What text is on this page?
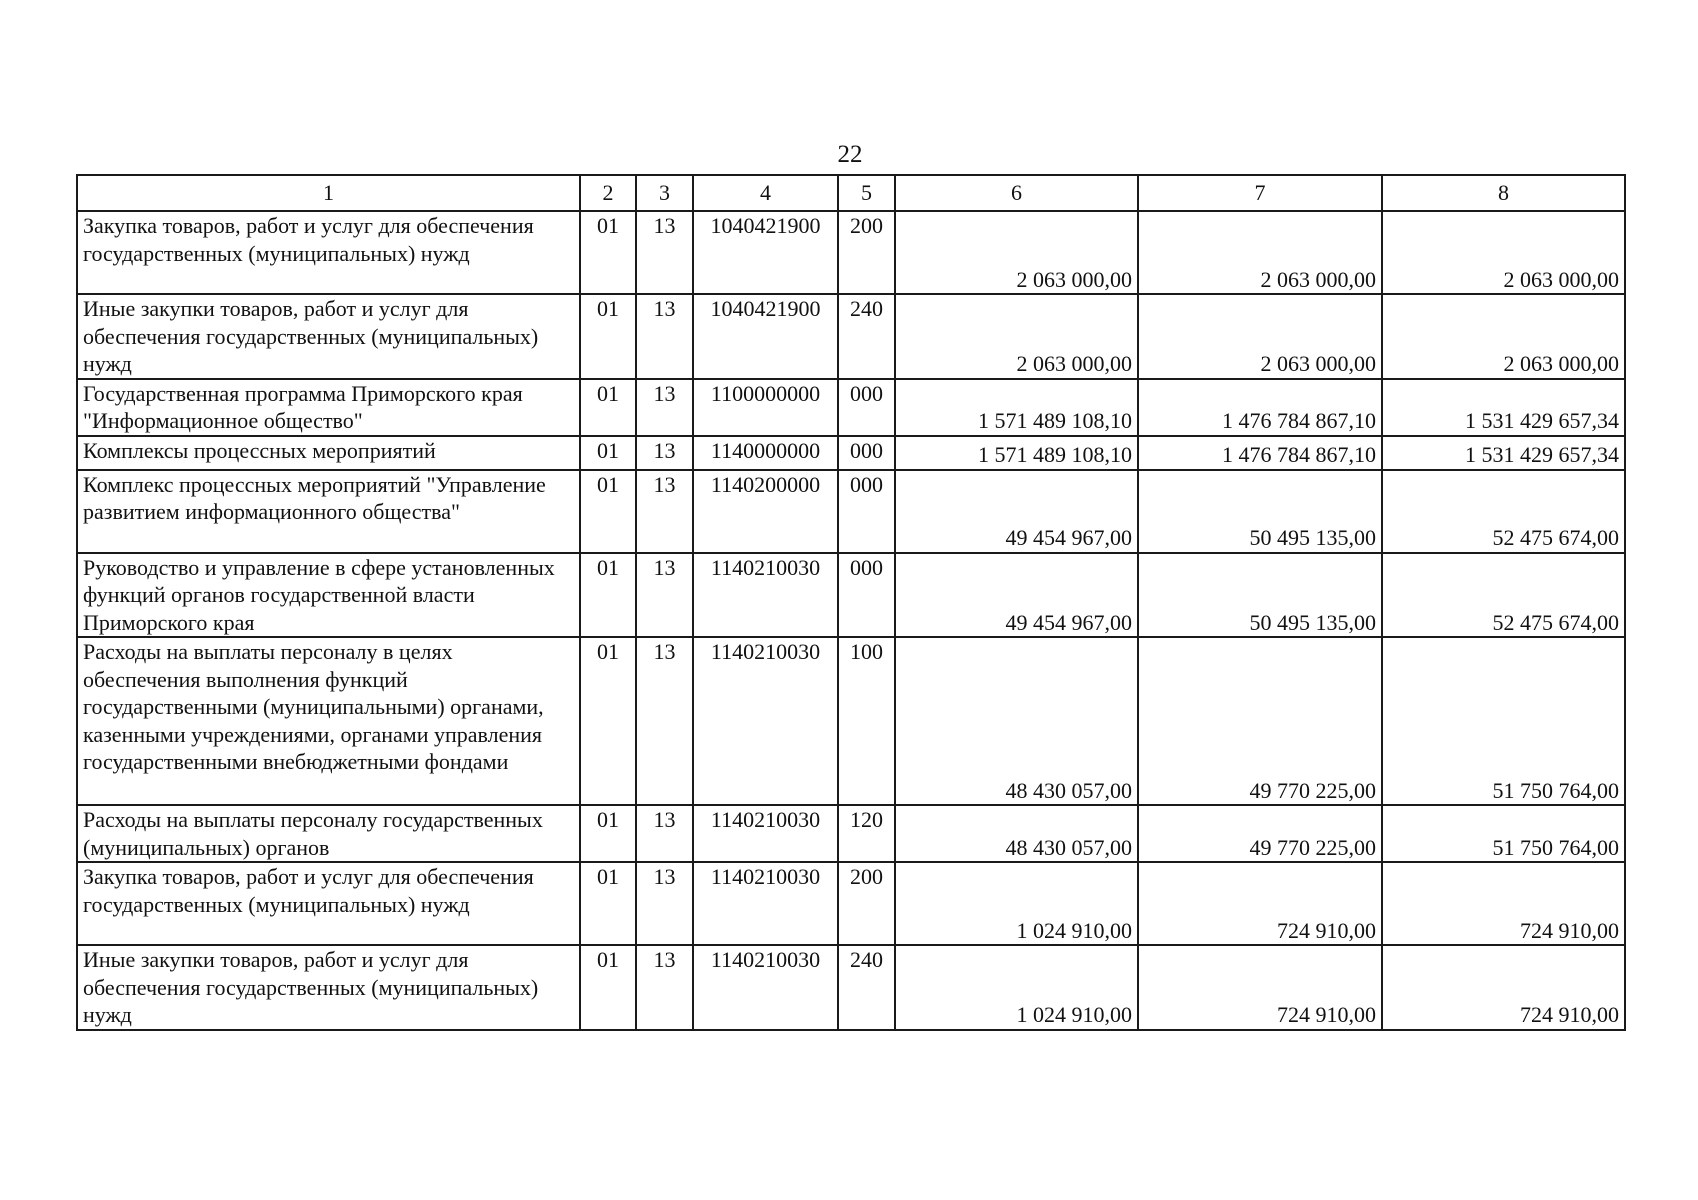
22
1	2	3	4	5	6	7	8
Закупка товаров, работ и услуг для обеспечения государственных (муниципальных) нужд	01	13	1040421900	200	2 063 000,00	2 063 000,00	2 063 000,00
Иные закупки товаров, работ и услуг для обеспечения государственных (муниципальных) нужд	01	13	1040421900	240	2 063 000,00	2 063 000,00	2 063 000,00
Государственная программа Приморского края "Информационное общество"	01	13	1100000000	000	1 571 489 108,10	1 476 784 867,10	1 531 429 657,34
Комплексы процессных мероприятий	01	13	1140000000	000	1 571 489 108,10	1 476 784 867,10	1 531 429 657,34
Комплекс процессных мероприятий "Управление развитием информационного общества"	01	13	1140200000	000	49 454 967,00	50 495 135,00	52 475 674,00
Руководство и управление в сфере установленных функций органов государственной власти Приморского края	01	13	1140210030	000	49 454 967,00	50 495 135,00	52 475 674,00
Расходы на выплаты персоналу в целях обеспечения выполнения функций государственными (муниципальными) органами, казенными учреждениями, органами управления государственными внебюджетными фондами	01	13	1140210030	100	48 430 057,00	49 770 225,00	51 750 764,00
Расходы на выплаты персоналу государственных (муниципальных) органов	01	13	1140210030	120	48 430 057,00	49 770 225,00	51 750 764,00
Закупка товаров, работ и услуг для обеспечения государственных (муниципальных) нужд	01	13	1140210030	200	1 024 910,00	724 910,00	724 910,00
Иные закупки товаров, работ и услуг для обеспечения государственных (муниципальных) нужд	01	13	1140210030	240	1 024 910,00	724 910,00	724 910,00
